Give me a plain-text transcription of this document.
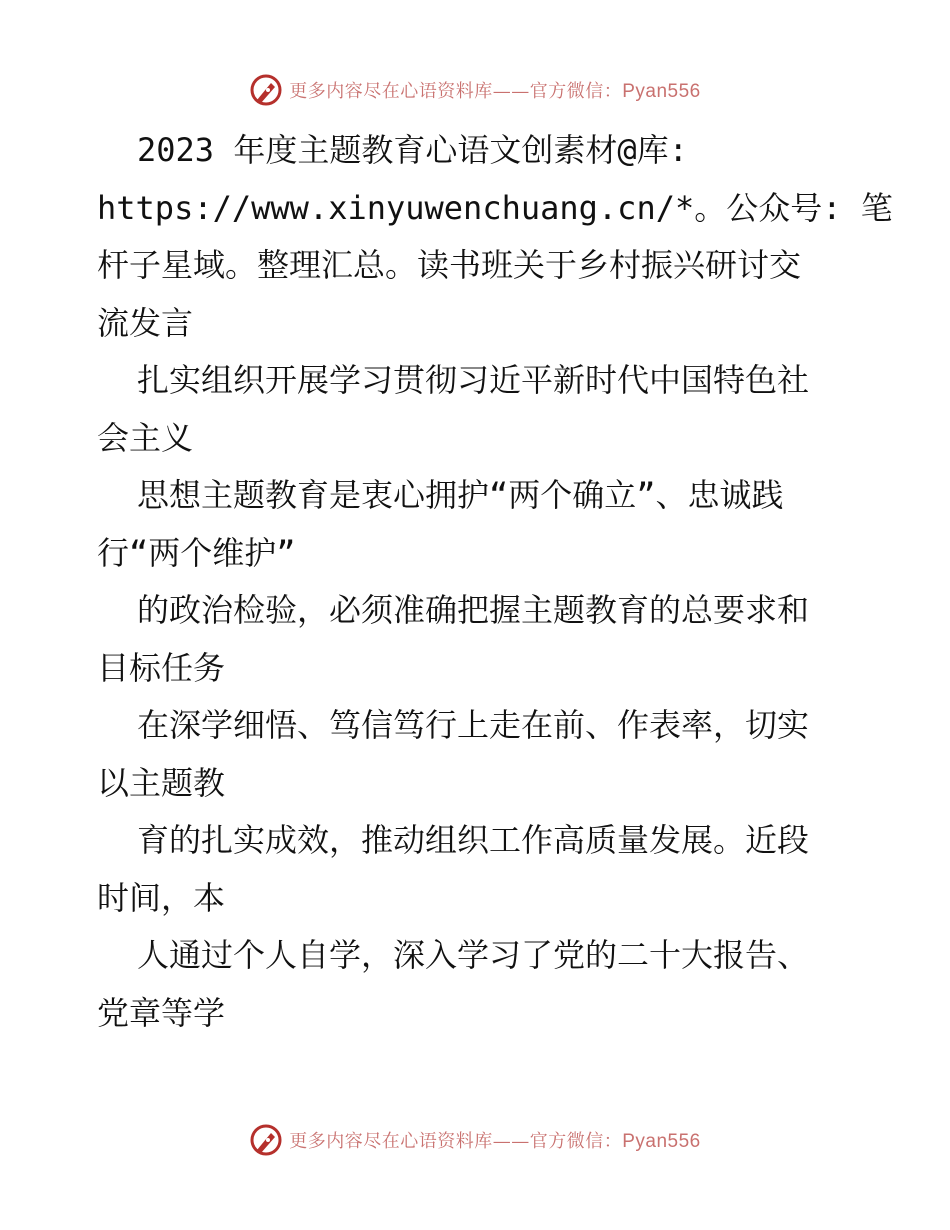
更多内容尽在心语资料库——官方微信：Pyan556
2023 年度主题教育心语文创素材@库:
https://www.xinyuwenchuang.cn/*。公众号: 笔
杆子星域。整理汇总。读书班关于乡村振兴研讨交
流发言
扎实组织开展学习贯彻习近平新时代中国特色社
会主义
思想主题教育是衷心拥护“两个确立”、忠诚践
行“两个维护”
的政治检验，必须准确把握主题教育的总要求和
目标任务
在深学细悟、笃信笃行上走在前、作表率，切实
以主题教
育的扎实成效，推动组织工作高质量发展。近段
时间，本
人通过个人自学，深入学习了党的二十大报告、
党章等学
更多内容尽在心语资料库——官方微信：Pyan556
